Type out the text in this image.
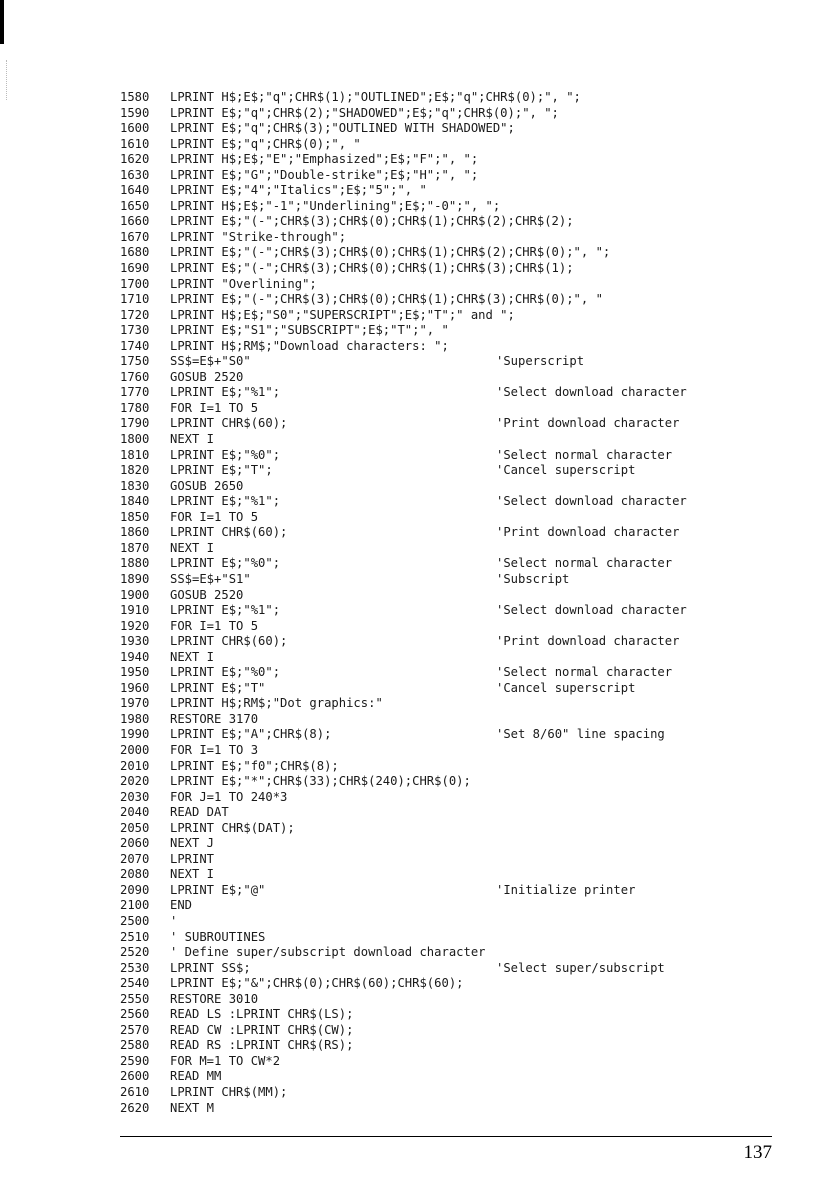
1580 LPRINT H$;E$;"q";CHR$(1);"OUTLINED";E$;"q";CHR$(0);", ";
1590 LPRINT E$;"q";CHR$(2);"SHADOWED";E$;"q";CHR$(0);", ";
1600 LPRINT E$;"q";CHR$(3);"OUTLINED WITH SHADOWED";
1610 LPRINT E$;"q";CHR$(0);", "
1620 LPRINT H$;E$;"E";"Emphasized";E$;"F";", ";
1630 LPRINT E$;"G";"Double-strike";E$;"H";", ";
1640 LPRINT E$;"4";"Italics";E$;"5";", "
1650 LPRINT H$;E$;"-1";"Underlining";E$;"-0";", ";
1660 LPRINT E$;"(-";CHR$(3);CHR$(0);CHR$(1);CHR$(2);CHR$(2);
1670 LPRINT "Strike-through";
1680 LPRINT E$;"(-";CHR$(3);CHR$(0);CHR$(1);CHR$(2);CHR$(0);", ";
1690 LPRINT E$;"(-";CHR$(3);CHR$(0);CHR$(1);CHR$(3);CHR$(1);
1700 LPRINT "Overlining";
1710 LPRINT E$;"(-";CHR$(3);CHR$(0);CHR$(1);CHR$(3);CHR$(0);", "
1720 LPRINT H$;E$;"S0";"SUPERSCRIPT";E$;"T";" and ";
1730 LPRINT E$;"S1";"SUBSCRIPT";E$;"T";", "
1740 LPRINT H$;RM$;"Download characters: ";
1750 SS$=E$+"S0"	'Superscript
1760 GOSUB 2520
1770 LPRINT E$;"%1";	'Select download character
1780 FOR I=1 TO 5
1790 LPRINT CHR$(60);	'Print download character
1800 NEXT I
1810 LPRINT E$;"%0";	'Select normal character
1820 LPRINT E$;"T";	'Cancel superscript
1830 GOSUB 2650
1840 LPRINT E$;"%1";	'Select download character
1850 FOR I=1 TO 5
1860 LPRINT CHR$(60);	'Print download character
1870 NEXT I
1880 LPRINT E$;"%0";	'Select normal character
1890 SS$=E$+"S1"	'Subscript
1900 GOSUB 2520
1910 LPRINT E$;"%1";	'Select download character
1920 FOR I=1 TO 5
1930 LPRINT CHR$(60);	'Print download character
1940 NEXT I
1950 LPRINT E$;"%0";	'Select normal character
1960 LPRINT E$;"T"	'Cancel superscript
1970 LPRINT H$;RM$;"Dot graphics:"
1980 RESTORE 3170
1990 LPRINT E$;"A";CHR$(8);	'Set 8/60" line spacing
2000 FOR I=1 TO 3
2010 LPRINT E$;"f0";CHR$(8);
2020 LPRINT E$;"*";CHR$(33);CHR$(240);CHR$(0);
2030 FOR J=1 TO 240*3
2040 READ DAT
2050 LPRINT CHR$(DAT);
2060 NEXT J
2070 LPRINT
2080 NEXT I
2090 LPRINT E$;"@"	'Initialize printer
2100 END
2500 '
2510 ' SUBROUTINES
2520 ' Define super/subscript download character
2530 LPRINT SS$;	'Select super/subscript
2540 LPRINT E$;"&";CHR$(0);CHR$(60);CHR$(60);
2550 RESTORE 3010
2560 READ LS :LPRINT CHR$(LS);
2570 READ CW :LPRINT CHR$(CW);
2580 READ RS :LPRINT CHR$(RS);
2590 FOR M=1 TO CW*2
2600 READ MM
2610 LPRINT CHR$(MM);
2620 NEXT M
137
